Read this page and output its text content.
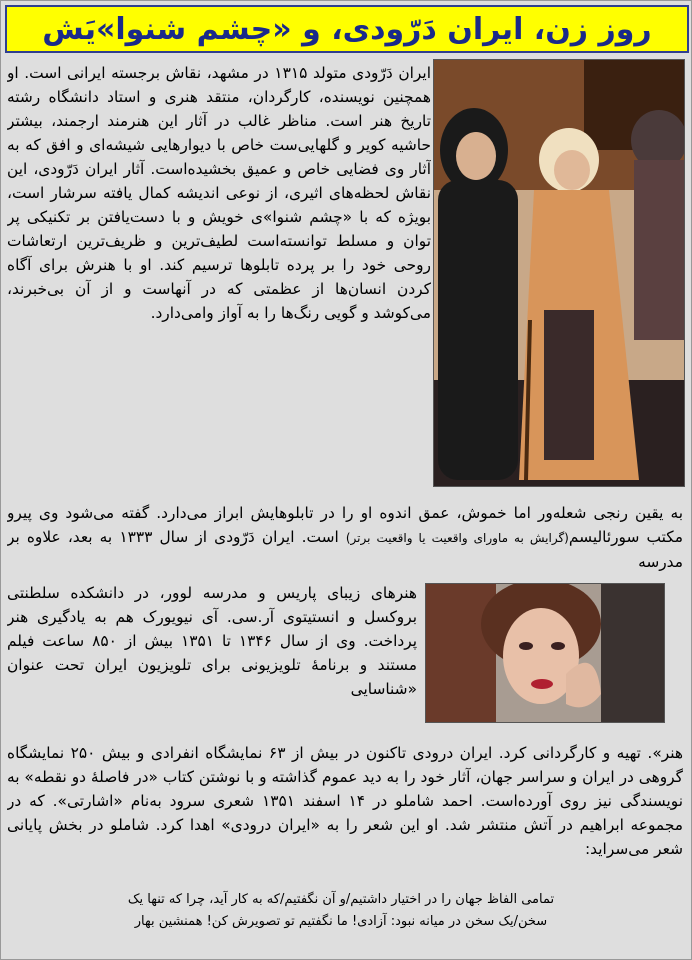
روز زن، ایران دَرّودی، و «چشم شنوا»یَش

ایران دَرّودی متولد ۱۳۱۵ در مشهد، نقاش برجسته ایرانی است. او همچنین نویسنده، کارگردان، منتقد هنری و استاد دانشگاه رشته تاریخ هنر است. مناظر غالب در آثار این هنرمند ارجمند، بیشتر حاشیه کویر و گلهایی‌ست خاص با دیوارهایی شیشه‌ای و افق که به آثار وی فضایی خاص و عمیق بخشیده‌است. آثار ایران دَرّودی، این نقاش لحظه‌های اثیری، از نوعی اندیشه کمال یافته سرشار است، بویژه که با «چشم شنوا»ی خویش و با دست‌یافتن بر تکنیکی پر توان و مسلط توانسته‌است لطیف‌ترین و ظریف‌ترین ارتعاشات روحی خود را بر پرده تابلوها ترسیم کند. او با هنرش برای آگاه کردن انسان‌ها از عظمتی که در آنهاست و از آن بی‌خبرند، می‌کوشد و گویی رنگ‌ها را به آواز وامی‌دارد.

به یقین رنجی شعله‌ور اما خموش، عمق اندوه او را در تابلوهایش ابراز می‌دارد. گفته می‌شود وی پیرو مکتب سورئالیسم(گرایش به ماورای واقعیت یا واقعیت برتر) است. ایران دَرّودی از سال ۱۳۳۳ به بعد، علاوه بر مدرسه

هنرهای زیبای پاریس و مدرسه لوور، در دانشکده سلطنتی بروکسل و انستیتوی آر.سی. آی نیویورک هم به یادگیری هنر پرداخت. وی از سال ۱۳۴۶ تا ۱۳۵۱ بیش از ۸۵۰ ساعت فیلم مستند و برنامهٔ تلویزیونی برای تلویزیون ایران تحت عنوان «شناسایی

هنر». تهیه و کارگردانی کرد. ایران درودی تاکنون در بیش از ۶۳ نمایشگاه انفرادی و بیش ۲۵۰ نمایشگاه گروهی در ایران و سراسر جهان، آثار خود را به دید عموم گذاشته و با نوشتن کتاب «در فاصلهٔ دو نقطه» به نویسندگی نیز روی آورده‌است. احمد شاملو در ۱۴ اسفند ۱۳۵۱ شعری سرود به‌نام «اشارتی». که در مجموعه ابراهیم در آتش منتشر شد. او این شعر را به «ایران درودی» اهدا کرد. شاملو در بخش پایانی شعر می‌سراید:

تمامی الفاظ جهان را در اختیار داشتیم/و آن نگفتیم/که به کار آید، چرا که تنها یک
سخن/یک سخن در میانه نبود: آزادی! ما نگفتیم تو تصویرش کن! همنشین بهار
